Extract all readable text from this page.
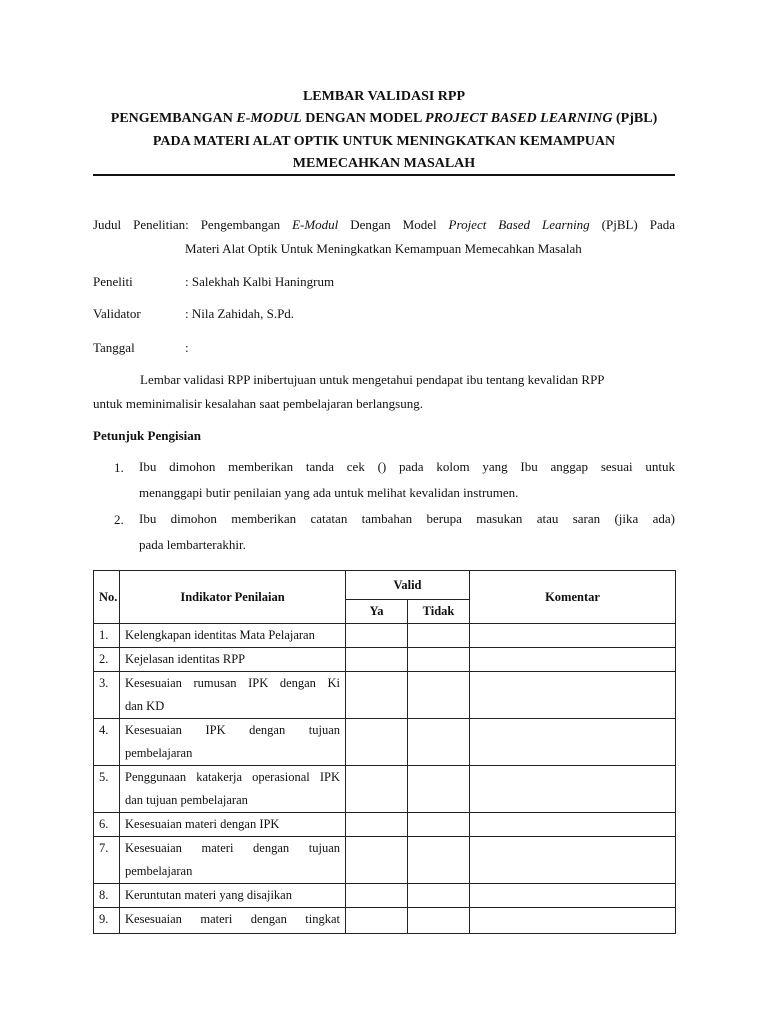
LEMBAR VALIDASI RPP
PENGEMBANGAN E-MODUL DENGAN MODEL PROJECT BASED LEARNING (PjBL)
PADA MATERI ALAT OPTIK UNTUK MENINGKATKAN KEMAMPUAN
MEMECAHKAN MASALAH
Judul Penelitian: Pengembangan E-Modul Dengan Model Project Based Learning (PjBL) Pada
Materi Alat Optik Untuk Meningkatkan Kemampuan Memecahkan Masalah
Peneliti	: Salekhah Kalbi Haningrum
Validator	: Nila Zahidah, S.Pd.
Tanggal	:
Lembar validasi RPP inibertujuan untuk mengetahui pendapat ibu tentang kevalidan RPP
untuk meminimalisir kesalahan saat pembelajaran berlangsung.
Petunjuk Pengisian
1. Ibu dimohon memberikan tanda cek () pada kolom yang Ibu anggap sesuai untuk
menanggapi butir penilaian yang ada untuk melihat kevalidan instrumen.
2. Ibu dimohon memberikan catatan tambahan berupa masukan atau saran (jika ada)
pada lembarterakhir.
No.	Indikator Penilaian	Valid		Komentar
		Ya	Tidak	
1.	Kelengkapan identitas Mata Pelajaran			
2.	Kejelasan identitas RPP			
3.	Kesesuaian rumusan IPK dengan Ki
dan KD			

4.	Kesesuaian IPK dengan tujuan
pembelajaran			

5.	Penggunaan katakerja operasional IPK
dan tujuan pembelajaran			

6.	Kesesuaian materi dengan IPK			
7.	Kesesuaian materi dengan tujuan
pembelajaran			

8.	Keruntutan materi yang disajikan			
9.	Kesesuaian materi dengan tingkat			
